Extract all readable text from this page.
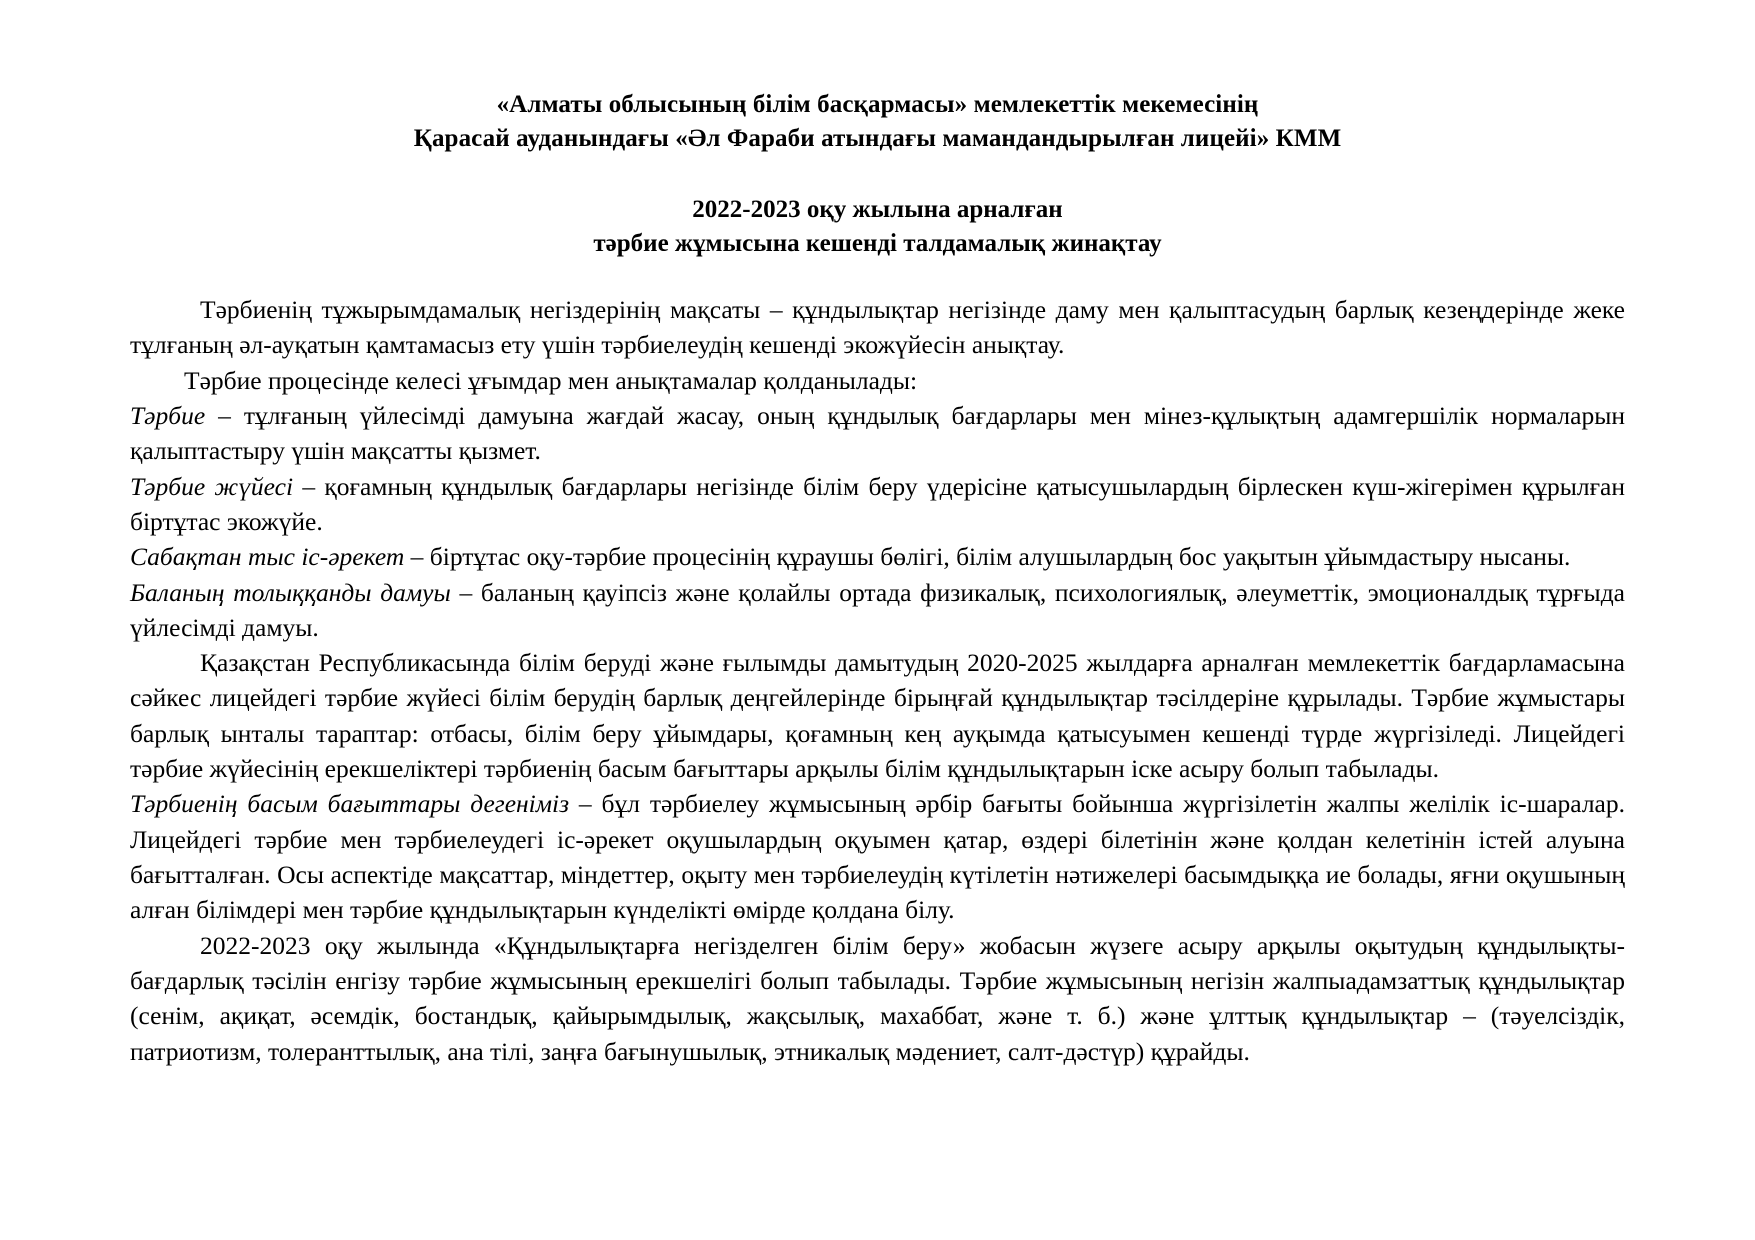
«Алматы облысының білім басқармасы» мемлекеттік мекемесінің
Қарасай ауданындағы «Әл Фараби атындағы мамандандырылған лицейі» КММ
2022-2023 оқу жылына арналған
тәрбие жұмысына кешенді талдамалық жинақтау

Тәрбиенің тұжырымдамалық негіздерінің мақсаты – құндылықтар негізінде даму мен қалыптасудың барлық кезеңдерінде жеке тұлғаның әл-ауқатын қамтамасыз ету үшін тәрбиелеудің кешенді экожүйесін анықтау.

Тәрбие процесінде келесі ұғымдар мен анықтамалар қолданылады:

Тәрбие – тұлғаның үйлесімді дамуына жағдай жасау, оның құндылық бағдарлары мен мінез-құлықтың адамгершілік нормаларын қалыптастыру үшін мақсатты қызмет.

Тәрбие жүйесі – қоғамның құндылық бағдарлары негізінде білім беру үдерісіне қатысушылардың бірлескен күш-жігерімен құрылған біртұтас экожүйе.

Сабақтан тыс іс-әрекет – біртұтас оқу-тәрбие процесінің құраушы бөлігі, білім алушылардың бос уақытын ұйымдастыру нысаны.

Баланың толыққанды дамуы – баланың қауіпсіз және қолайлы ортада физикалық, психологиялық, әлеуметтік, эмоционалдық тұрғыда үйлесімді дамуы.

Қазақстан Республикасында білім беруді және ғылымды дамытудың 2020-2025 жылдарға арналған мемлекеттік бағдарламасына сәйкес лицейдегі тәрбие жүйесі білім берудің барлық деңгейлерінде бірыңғай құндылықтар тәсілдеріне құрылады. Тәрбие жұмыстары барлық ынталы тараптар: отбасы, білім беру ұйымдары, қоғамның кең ауқымда қатысуымен кешенді түрде жүргізіледі. Лицейдегі тәрбие жүйесінің ерекшеліктері тәрбиенің басым бағыттары арқылы білім құндылықтарын іске асыру болып табылады.

Тәрбиенің басым бағыттары дегеніміз – бұл тәрбиелеу жұмысының әрбір бағыты бойынша жүргізілетін жалпы желілік іс-шаралар. Лицейдегі тәрбие мен тәрбиелеудегі іс-әрекет оқушылардың оқуымен қатар, өздері білетінін және қолдан келетінін істей алуына бағытталған. Осы аспектіде мақсаттар, міндеттер, оқыту мен тәрбиелеудің күтілетін нәтижелері басымдыққа ие болады, яғни оқушының алған білімдері мен тәрбие құндылықтарын күнделікті өмірде қолдана білу.

2022-2023 оқу жылында «Құндылықтарға негізделген білім беру» жобасын жүзеге асыру арқылы оқытудың құндылықты-бағдарлық тәсілін енгізу тәрбие жұмысының ерекшелігі болып табылады. Тәрбие жұмысының негізін жалпыадамзаттық құндылықтар (сенім, ақиқат, әсемдік, бостандық, қайырымдылық, жақсылық, махаббат, және т. б.) және ұлттық құндылықтар – (тәуелсіздік, патриотизм, толеранттылық, ана тілі, заңға бағынушылық, этникалық мәдениет, салт-дәстүр) құрайды.
